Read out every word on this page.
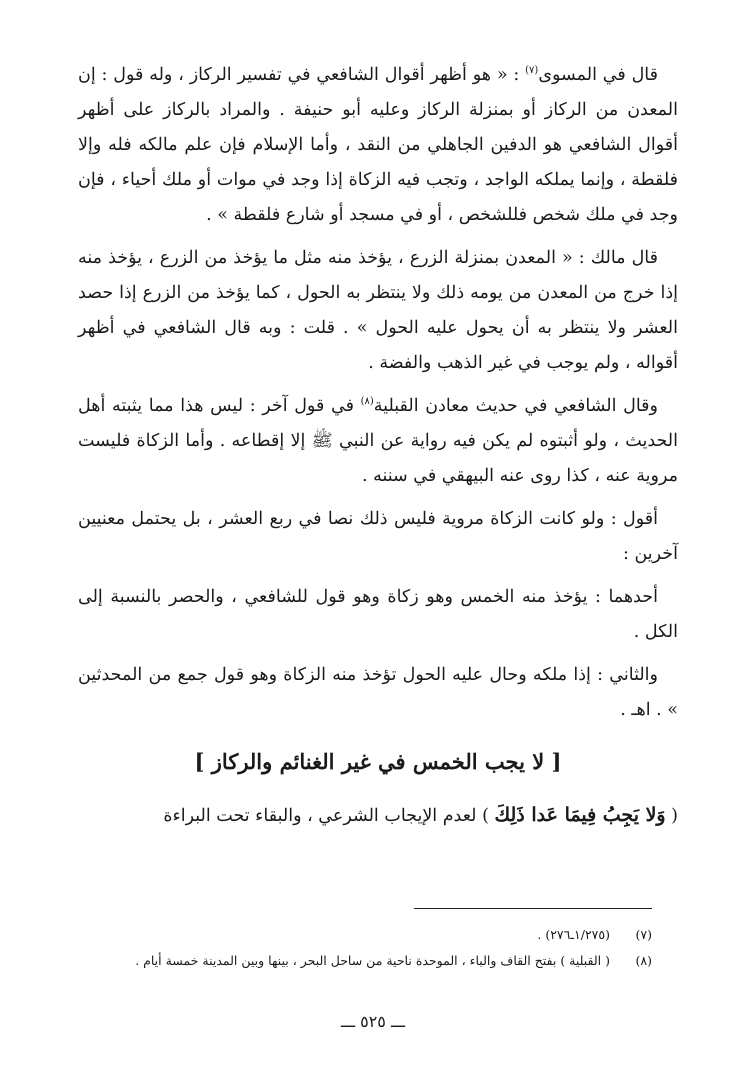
قال في المسوى$^{(٧)}$ : « هو أظهر أقوال الشافعي في تفسير الركاز ، وله قول : إن المعدن من الركاز أو بمنزلة الركاز وعليه أبو حنيفة . والمراد بالركاز على أظهر أقوال الشافعي هو الدفين الجاهلي من النقد ، وأما الإسلام فإن علم مالكه فله وإلا فلقطة ، وإنما يملكه الواجد ، وتجب فيه الزكاة إذا وجد في موات أو ملك أحياء ، فإن وجد في ملك شخص فللشخص ، أو في مسجد أو شارع فلقطة » .

قال مالك : « المعدن بمنزلة الزرع ، يؤخذ منه مثل ما يؤخذ من الزرع ، يؤخذ منه إذا خرج من المعدن من يومه ذلك ولا ينتظر به الحول ، كما يؤخذ من الزرع إذا حصد العشر ولا ينتظر به أن يحول عليه الحول » . قلت : وبه قال الشافعي في أظهر أقواله ، ولم يوجب في غير الذهب والفضة .

وقال الشافعي في حديث معادن القبلية$^{(٨)}$ في قول آخر : ليس هذا مما يثبته أهل الحديث ، ولو أثبتوه لم يكن فيه رواية عن النبي ﷺ إلا إقطاعه . وأما الزكاة فليست مروية عنه ، كذا روى عنه البيهقي في سننه .

أقول : ولو كانت الزكاة مروية فليس ذلك نصا في ربع العشر ، بل يحتمل معنيين آخرين :

أحدهما : يؤخذ منه الخمس وهو زكاة وهو قول للشافعي ، والحصر بالنسبة إلى الكل .

والثاني : إذا ملكه وحال عليه الحول تؤخذ منه الزكاة وهو قول جمع من المحدثين » . اهـ .

[ لا يجب الخمس في غير الغنائم والركاز ]

( وَلا يَجِبُ فِيمَا عَدا ذَلِكَ ) لعدم الإيجاب الشرعي ، والبقاء تحت البراءة

(٧) (١/٢٧٥ـ٢٧٦) .
(٨) ( القبلية ) بفتح القاف والباء ، الموحدة ناحية من ساحل البحر ، بينها وبين المدينة خمسة أيام .
ـــ ٥٢٥ ـــ
